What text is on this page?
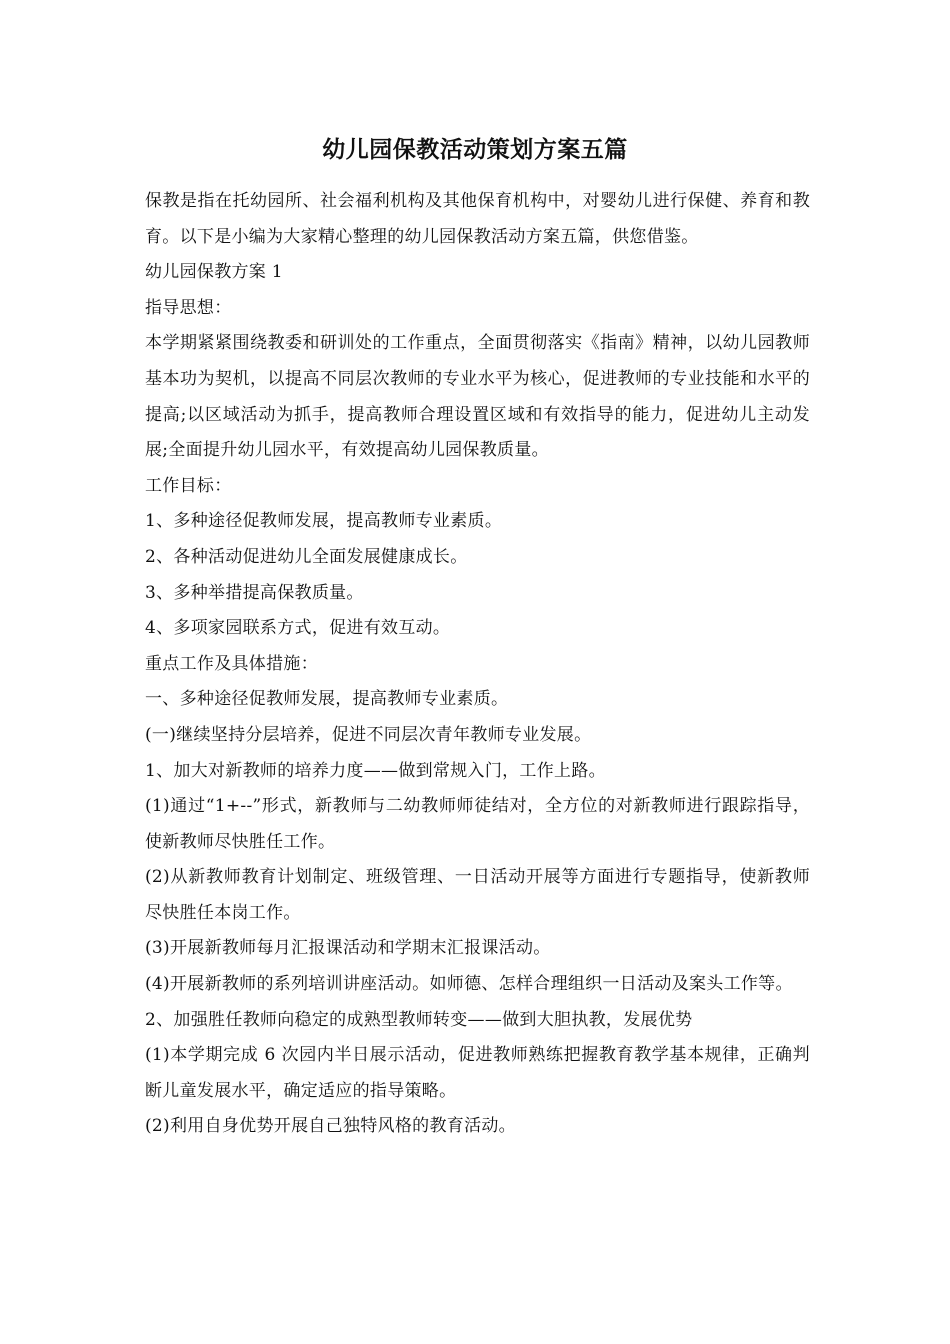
幼儿园保教活动策划方案五篇

保教是指在托幼园所、社会福利机构及其他保育机构中，对婴幼儿进行保健、养育和教育。以下是小编为大家精心整理的幼儿园保教活动方案五篇，供您借鉴。

幼儿园保教方案 1

指导思想：

本学期紧紧围绕教委和研训处的工作重点，全面贯彻落实《指南》精神，以幼儿园教师基本功为契机，以提高不同层次教师的专业水平为核心，促进教师的专业技能和水平的提高;以区域活动为抓手，提高教师合理设置区域和有效指导的能力，促进幼儿主动发展;全面提升幼儿园水平，有效提高幼儿园保教质量。

工作目标：

1、多种途径促教师发展，提高教师专业素质。

2、各种活动促进幼儿全面发展健康成长。

3、多种举措提高保教质量。

4、多项家园联系方式，促进有效互动。

重点工作及具体措施：

一、多种途径促教师发展，提高教师专业素质。

(一)继续坚持分层培养，促进不同层次青年教师专业发展。

1、加大对新教师的培养力度——做到常规入门，工作上路。

(1)通过“1+--”形式，新教师与二幼教师师徒结对，全方位的对新教师进行跟踪指导，使新教师尽快胜任工作。

(2)从新教师教育计划制定、班级管理、一日活动开展等方面进行专题指导，使新教师尽快胜任本岗工作。

(3)开展新教师每月汇报课活动和学期末汇报课活动。

(4)开展新教师的系列培训讲座活动。如师德、怎样合理组织一日活动及案头工作等。

2、加强胜任教师向稳定的成熟型教师转变——做到大胆执教，发展优势

(1)本学期完成 6 次园内半日展示活动，促进教师熟练把握教育教学基本规律，正确判断儿童发展水平，确定适应的指导策略。

(2)利用自身优势开展自己独特风格的教育活动。
